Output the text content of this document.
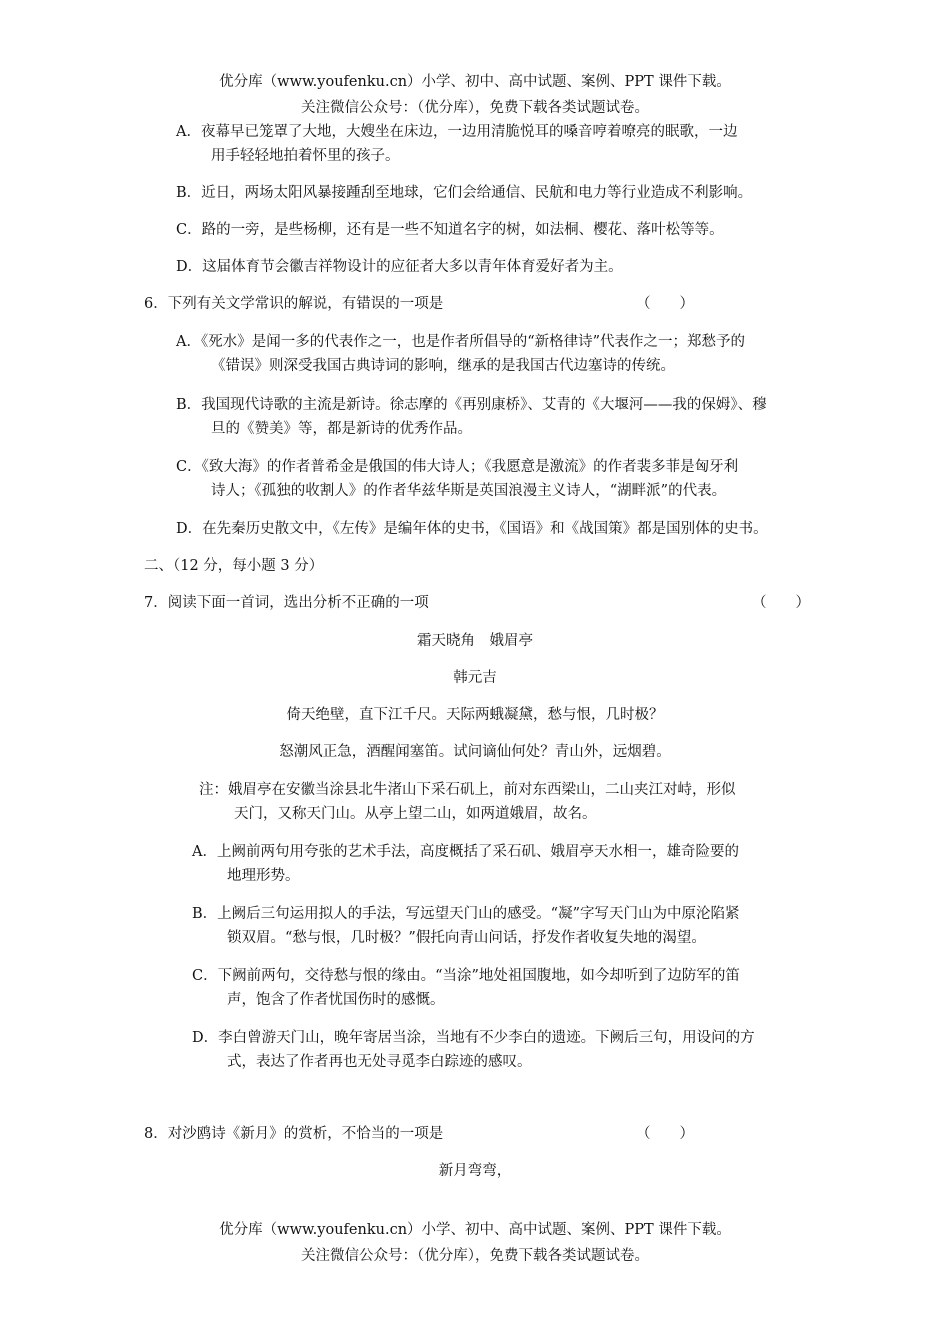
优分库（www.youfenku.cn）小学、初中、高中试题、案例、PPT 课件下载。
关注微信公众号：（优分库），免费下载各类试题试卷。
A．夜幕早已笼罩了大地，大嫂坐在床边，一边用清脆悦耳的嗓音哼着嘹亮的眠歌，一边
用手轻轻地拍着怀里的孩子。
B．近日，两场太阳风暴接踵刮至地球，它们会给通信、民航和电力等行业造成不利影响。
C．路的一旁，是些杨柳，还有是一些不知道名字的树，如法桐、樱花、落叶松等等。
D．这届体育节会徽吉祥物设计的应征者大多以青年体育爱好者为主。
6．下列有关文学常识的解说，有错误的一项是	（　　）
A．《死水》是闻一多的代表作之一，也是作者所倡导的“新格律诗”代表作之一；郑愁予的
《错误》则深受我国古典诗词的影响，继承的是我国古代边塞诗的传统。
B．我国现代诗歌的主流是新诗。徐志摩的《再别康桥》、艾青的《大堰河——我的保姆》、穆
旦的《赞美》等，都是新诗的优秀作品。
C．《致大海》的作者普希金是俄国的伟大诗人；《我愿意是激流》的作者裴多菲是匈牙利
诗人；《孤独的收割人》的作者华兹华斯是英国浪漫主义诗人，“湖畔派”的代表。
D．在先秦历史散文中，《左传》是编年体的史书，《国语》和《战国策》都是国别体的史书。
二、（12 分，每小题 3 分）
7．阅读下面一首词，选出分析不正确的一项	（　　）
霜天晓角　娥眉亭
韩元吉
倚天绝壁，直下江千尺。天际两蛾凝黛，愁与恨，几时极？
怒潮风正急，酒醒闻塞笛。试问谪仙何处？青山外，远烟碧。
注：娥眉亭在安徽当涂县北牛渚山下采石矶上，前对东西梁山，二山夹江对峙，形似
天门，又称天门山。从亭上望二山，如两道娥眉，故名。
A．上阙前两句用夸张的艺术手法，高度概括了采石矶、娥眉亭天水相一，雄奇险要的
地理形势。
B．上阙后三句运用拟人的手法，写远望天门山的感受。“凝”字写天门山为中原沦陷紧
锁双眉。“愁与恨，几时极？”假托向青山问话，抒发作者收复失地的渴望。
C．下阙前两句，交待愁与恨的缘由。“当涂”地处祖国腹地，如今却听到了边防军的笛
声，饱含了作者忧国伤时的感慨。
D．李白曾游天门山，晚年寄居当涂，当地有不少李白的遗迹。下阙后三句，用设问的方
式，表达了作者再也无处寻觅李白踪迹的感叹。
8．对沙鸥诗《新月》的赏析，不恰当的一项是	（　　）
新月弯弯，
优分库（www.youfenku.cn）小学、初中、高中试题、案例、PPT 课件下载。
关注微信公众号：（优分库），免费下载各类试题试卷。
